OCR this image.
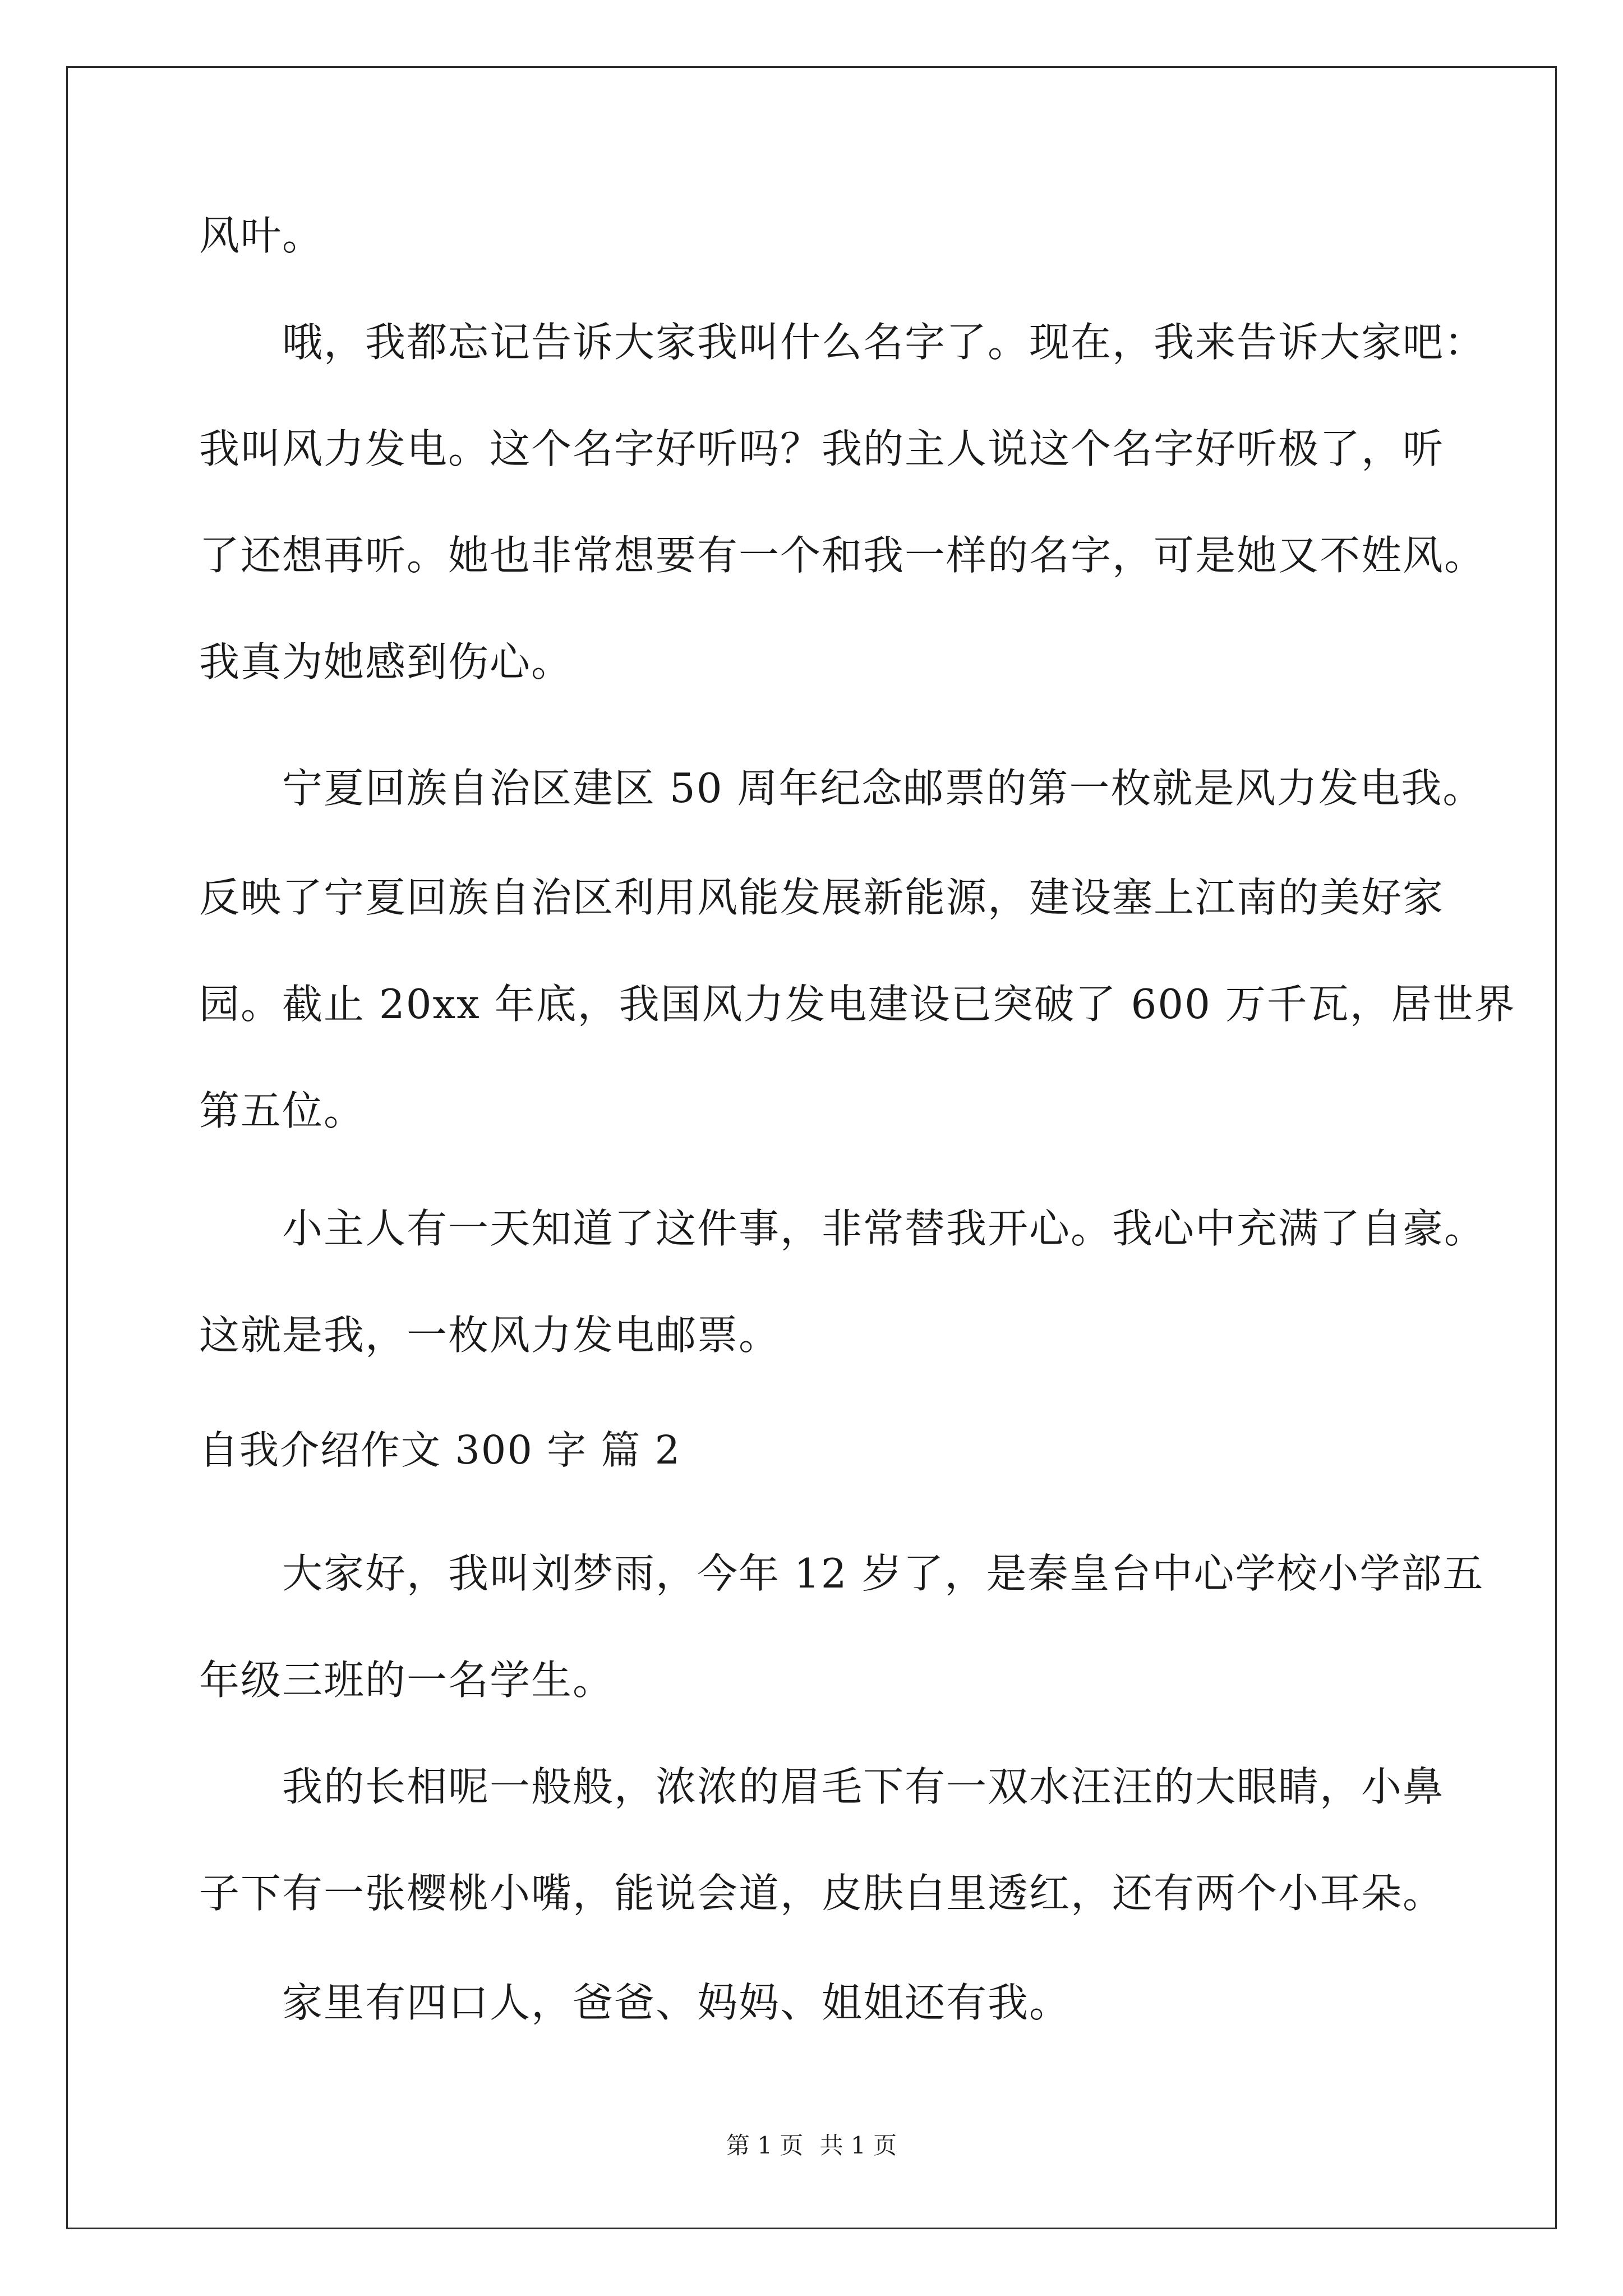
风叶。
哦，我都忘记告诉大家我叫什么名字了。现在，我来告诉大家吧：
我叫风力发电。这个名字好听吗？我的主人说这个名字好听极了，听
了还想再听。她也非常想要有一个和我一样的名字，可是她又不姓风。
我真为她感到伤心。
宁夏回族自治区建区 50 周年纪念邮票的第一枚就是风力发电我。
反映了宁夏回族自治区利用风能发展新能源，建设塞上江南的美好家
园。截止 20xx 年底，我国风力发电建设已突破了 600 万千瓦，居世界
第五位。
小主人有一天知道了这件事，非常替我开心。我心中充满了自豪。
这就是我，一枚风力发电邮票。
自我介绍作文 300 字 篇 2
大家好，我叫刘梦雨，今年 12 岁了，是秦皇台中心学校小学部五
年级三班的一名学生。
我的长相呢一般般，浓浓的眉毛下有一双水汪汪的大眼睛，小鼻
子下有一张樱桃小嘴，能说会道，皮肤白里透红，还有两个小耳朵。
家里有四口人，爸爸、妈妈、姐姐还有我。
第 1 页 共 1 页
